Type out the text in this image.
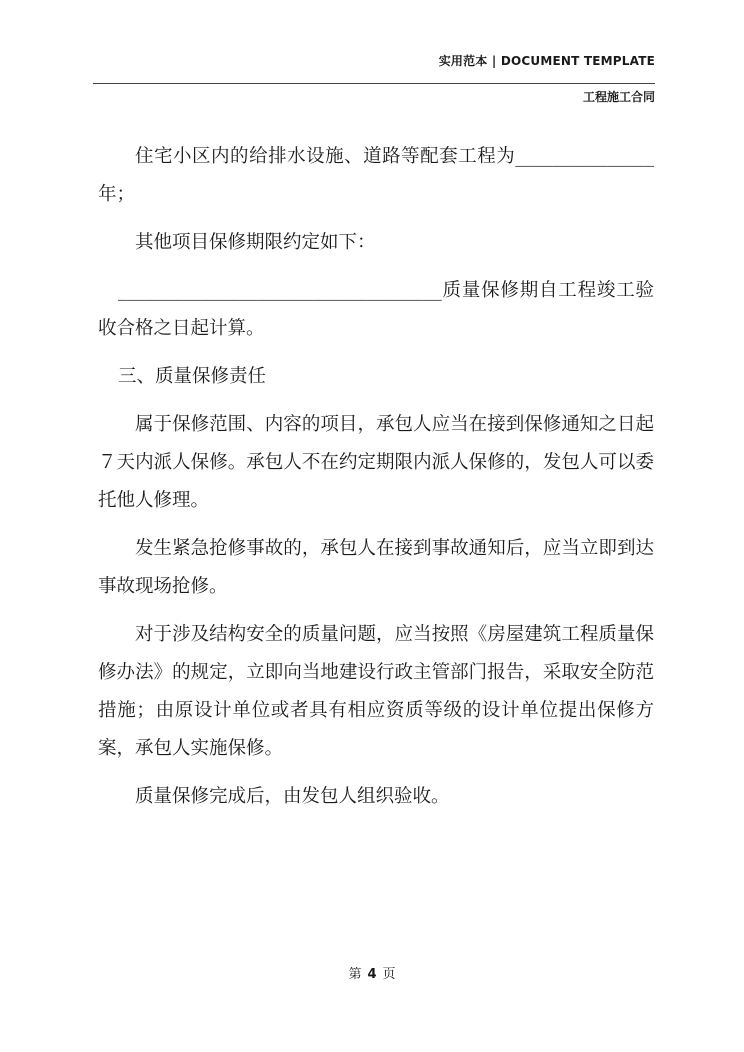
实用范本 | DOCUMENT TEMPLATE
工程施工合同

住宅小区内的给排水设施、道路等配套工程为_______________年；

其他项目保修期限约定如下：

___________________________________质量保修期自工程竣工验收合格之日起计算。

三、质量保修责任

属于保修范围、内容的项目，承包人应当在接到保修通知之日起７天内派人保修。承包人不在约定期限内派人保修的，发包人可以委托他人修理。

发生紧急抢修事故的，承包人在接到事故通知后，应当立即到达事故现场抢修。

对于涉及结构安全的质量问题，应当按照《房屋建筑工程质量保修办法》的规定，立即向当地建设行政主管部门报告，采取安全防范措施；由原设计单位或者具有相应资质等级的设计单位提出保修方案，承包人实施保修。

质量保修完成后，由发包人组织验收。

第 4 页
